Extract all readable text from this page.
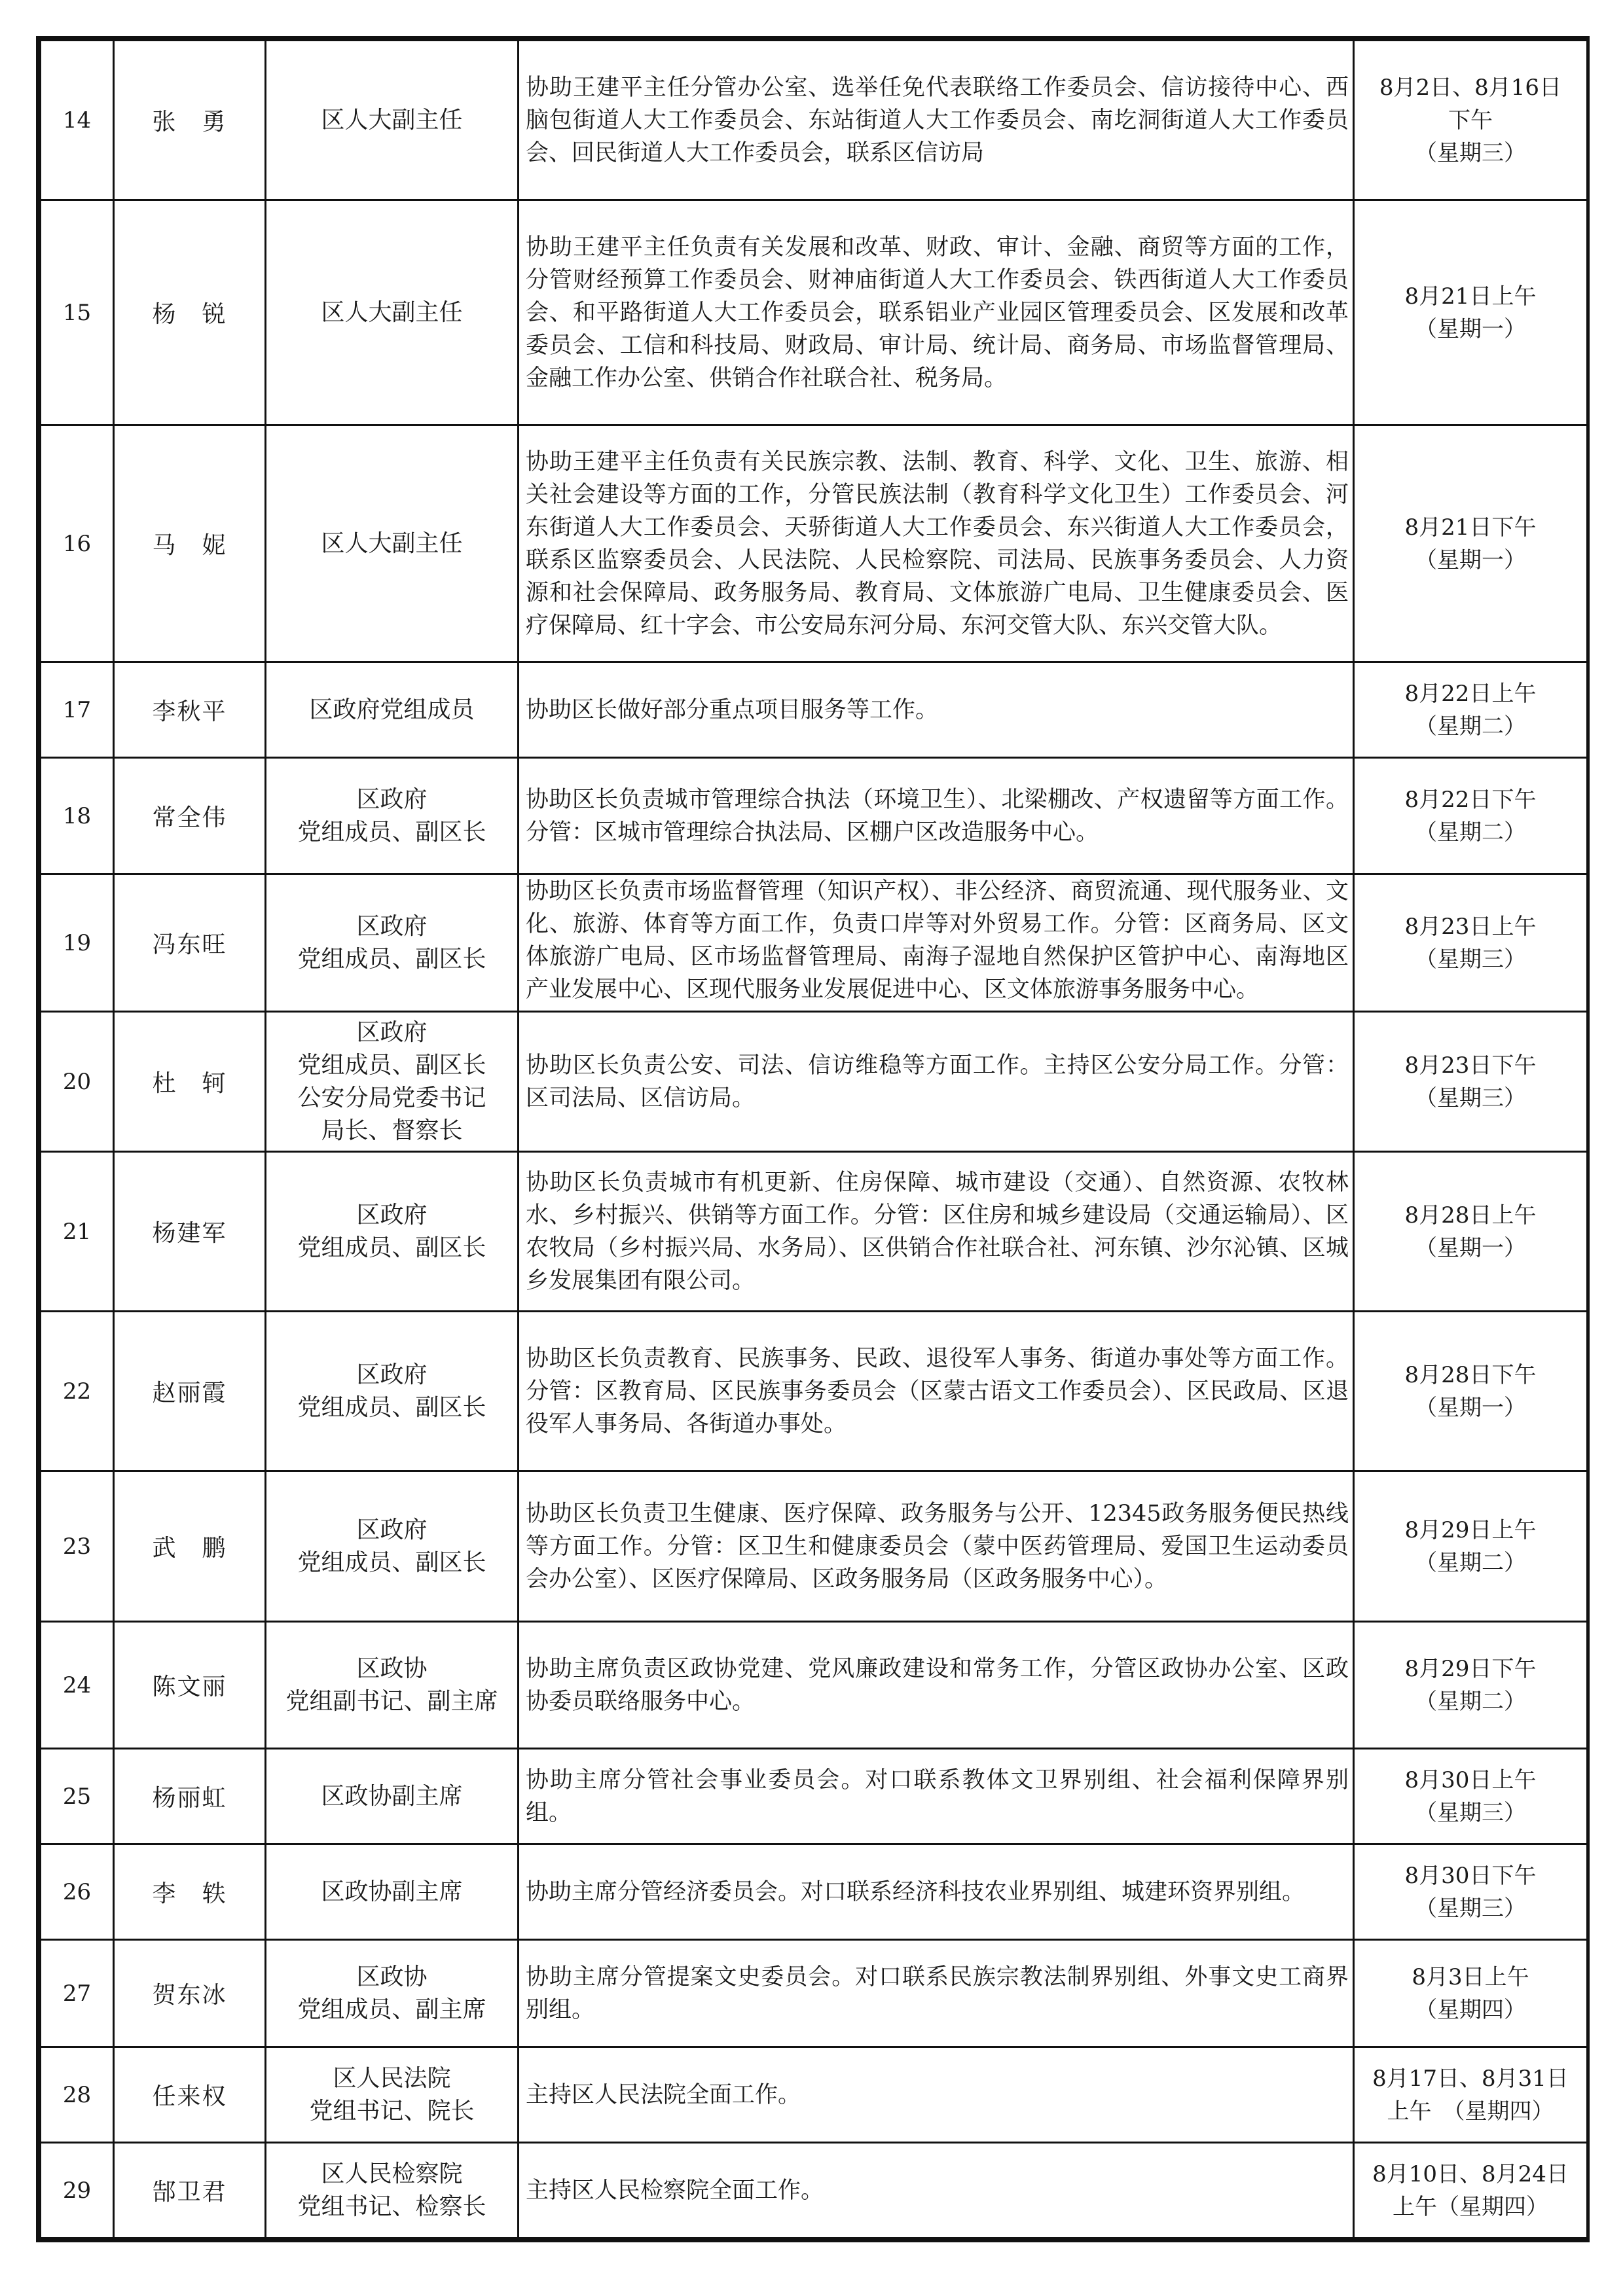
14	张　勇	区人大副主任	协助王建平主任分管办公室、选举任免代表联络工作委员会、信访接待中心、西脑包街道人大工作委员会、东站街道人大工作委员会、南圪洞街道人大工作委员会、回民街道人大工作委员会，联系区信访局	8月2日、8月16日
下午
（星期三）

15	杨　锐	区人大副主任	协助王建平主任负责有关发展和改革、财政、审计、金融、商贸等方面的工作，分管财经预算工作委员会、财神庙街道人大工作委员会、铁西街道人大工作委员会、和平路街道人大工作委员会，联系铝业产业园区管理委员会、区发展和改革委员会、工信和科技局、财政局、审计局、统计局、商务局、市场监督管理局、金融工作办公室、供销合作社联合社、税务局。	8月21日上午
（星期一）

16	马　妮	区人大副主任	协助王建平主任负责有关民族宗教、法制、教育、科学、文化、卫生、旅游、相关社会建设等方面的工作，分管民族法制（教育科学文化卫生）工作委员会、河东街道人大工作委员会、天骄街道人大工作委员会、东兴街道人大工作委员会，联系区监察委员会、人民法院、人民检察院、司法局、民族事务委员会、人力资源和社会保障局、政务服务局、教育局、文体旅游广电局、卫生健康委员会、医疗保障局、红十字会、市公安局东河分局、东河交管大队、东兴交管大队。	8月21日下午
（星期一）

17	李秋平	区政府党组成员	协助区长做好部分重点项目服务等工作。	8月22日上午
（星期二）

18	常全伟	区政府
党组成员、副区长	协助区长负责城市管理综合执法（环境卫生）、北梁棚改、产权遗留等方面工作。分管：区城市管理综合执法局、区棚户区改造服务中心。	8月22日下午
（星期二）

19	冯东旺	区政府
党组成员、副区长	协助区长负责市场监督管理（知识产权）、非公经济、商贸流通、现代服务业、文化、旅游、体育等方面工作，负责口岸等对外贸易工作。分管：区商务局、区文体旅游广电局、区市场监督管理局、南海子湿地自然保护区管护中心、南海地区产业发展中心、区现代服务业发展促进中心、区文体旅游事务服务中心。	8月23日上午
（星期三）

20	杜　轲	区政府
党组成员、副区长
公安分局党委书记
局长、督察长	协助区长负责公安、司法、信访维稳等方面工作。主持区公安分局工作。分管：区司法局、区信访局。	8月23日下午
（星期三）

21	杨建军	区政府
党组成员、副区长	协助区长负责城市有机更新、住房保障、城市建设（交通）、自然资源、农牧林水、乡村振兴、供销等方面工作。分管：区住房和城乡建设局（交通运输局）、区农牧局（乡村振兴局、水务局）、区供销合作社联合社、河东镇、沙尔沁镇、区城乡发展集团有限公司。	8月28日上午
（星期一）

22	赵丽霞	区政府
党组成员、副区长	协助区长负责教育、民族事务、民政、退役军人事务、街道办事处等方面工作。分管：区教育局、区民族事务委员会（区蒙古语文工作委员会）、区民政局、区退役军人事务局、各街道办事处。	8月28日下午
（星期一）

23	武　鹏	区政府
党组成员、副区长	协助区长负责卫生健康、医疗保障、政务服务与公开、12345政务服务便民热线等方面工作。分管：区卫生和健康委员会（蒙中医药管理局、爱国卫生运动委员会办公室）、区医疗保障局、区政务服务局（区政务服务中心）。	8月29日上午
（星期二）

24	陈文丽	区政协
党组副书记、副主席	协助主席负责区政协党建、党风廉政建设和常务工作，分管区政协办公室、区政协委员联络服务中心。	8月29日下午
（星期二）

25	杨丽虹	区政协副主席	协助主席分管社会事业委员会。对口联系教体文卫界别组、社会福利保障界别组。	8月30日上午
（星期三）

26	李　轶	区政协副主席	协助主席分管经济委员会。对口联系经济科技农业界别组、城建环资界别组。	8月30日下午
（星期三）

27	贺东冰	区政协
党组成员、副主席	协助主席分管提案文史委员会。对口联系民族宗教法制界别组、外事文史工商界别组。	8月3日上午
（星期四）

28	任来权	区人民法院
党组书记、院长	主持区人民法院全面工作。	8月17日、8月31日
上午　（星期四）

29	郜卫君	区人民检察院
党组书记、检察长	主持区人民检察院全面工作。	8月10日、8月24日
上午（星期四）
